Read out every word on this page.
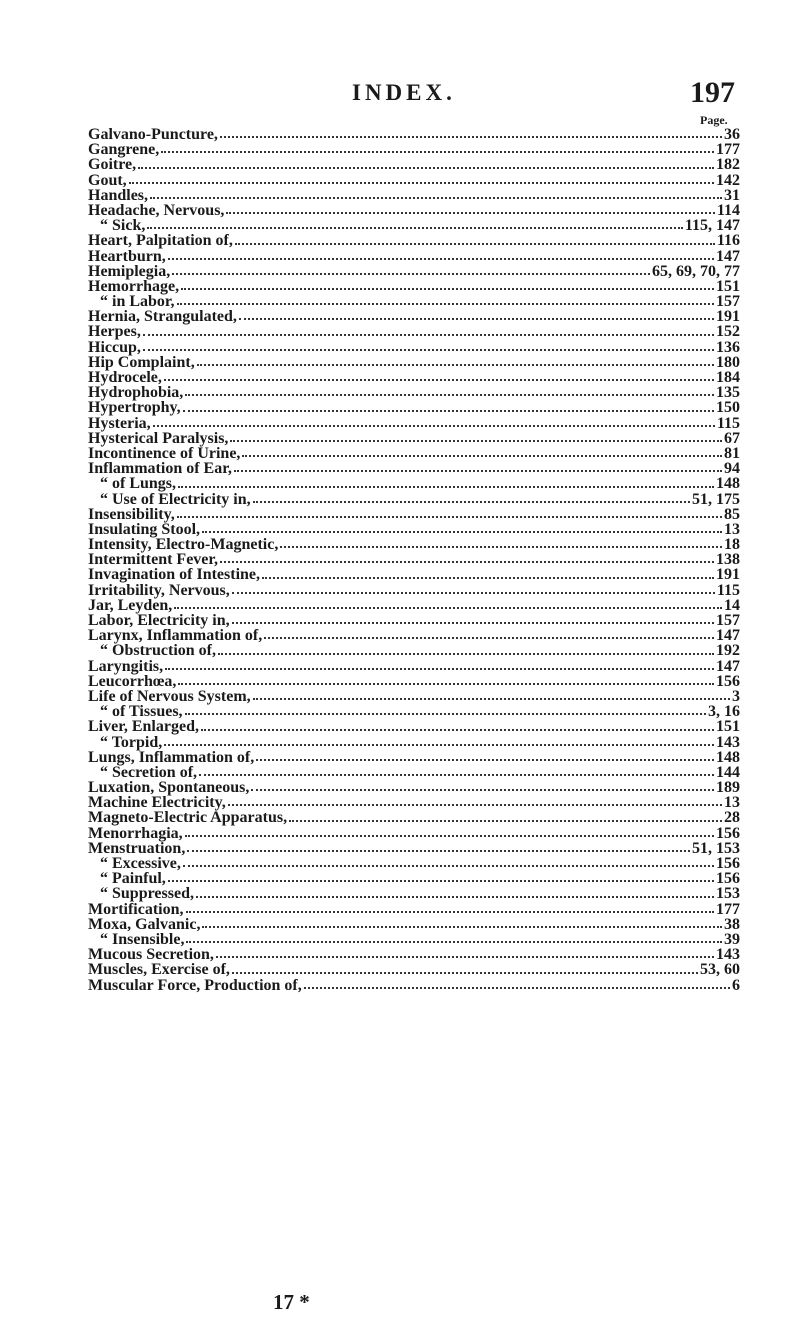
INDEX.	197
Page.
Galvano-Puncture,	36
Gangrene,	177
Goitre,	182
Gout,	142
Handles,	31
Headache, Nervous,	114
“ Sick,	115, 147
Heart, Palpitation of,	116
Heartburn,	147
Hemiplegia,	65, 69, 70, 77
Hemorrhage,	151
“ in Labor,	157
Hernia, Strangulated,	191
Herpes,	152
Hiccup,	136
Hip Complaint,	180
Hydrocele,	184
Hydrophobia,	135
Hypertrophy,	150
Hysteria,	115
Hysterical Paralysis,	67
Incontinence of Urine,	81
Inflammation of Ear,	94
“ of Lungs,	148
“ Use of Electricity in,	51, 175
Insensibility,	85
Insulating Stool,	13
Intensity, Electro-Magnetic,	18
Intermittent Fever,	138
Invagination of Intestine,	191
Irritability, Nervous,	115
Jar, Leyden,	14
Labor, Electricity in,	157
Larynx, Inflammation of,	147
“ Obstruction of,	192
Laryngitis,	147
Leucorrhœa,	156
Life of Nervous System,	3
“ of Tissues,	3, 16
Liver, Enlarged,	151
“ Torpid,	143
Lungs, Inflammation of,	148
“ Secretion of,	144
Luxation, Spontaneous,	189
Machine Electricity,	13
Magneto-Electric Apparatus,	28
Menorrhagia,	156
Menstruation,	51, 153
“ Excessive,	156
“ Painful,	156
“ Suppressed,	153
Mortification,	177
Moxa, Galvanic,	38
“ Insensible,	39
Mucous Secretion,	143
Muscles, Exercise of,	53, 60
Muscular Force, Production of,	6
17 *
